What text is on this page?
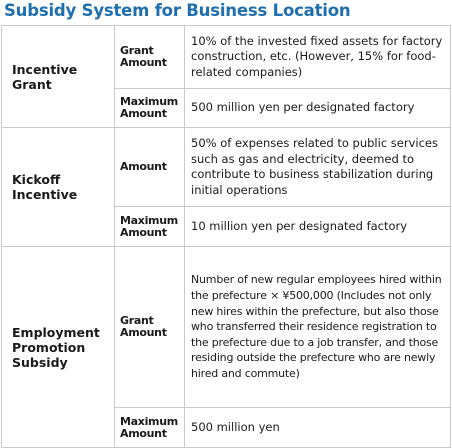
Subsidy System for Business Location
Incentive Grant	Grant Amount	10% of the invested fixed assets for factory construction, etc. (However, 15% for food-related companies)

	Maximum Amount	500 million yen per designated factory

Kickoff Incentive	Amount	50% of expenses related to public services such as gas and electricity, deemed to contribute to business stabilization during initial operations

	Maximum Amount	10 million yen per designated factory

Employment Promotion Subsidy	Grant Amount	Number of new regular employees hired within the prefecture × ¥500,000 (Includes not only new hires within the prefecture, but also those who transferred their residence registration to the prefecture due to a job transfer, and those residing outside the prefecture who are newly hired and commute)

	Maximum Amount	500 million yen
